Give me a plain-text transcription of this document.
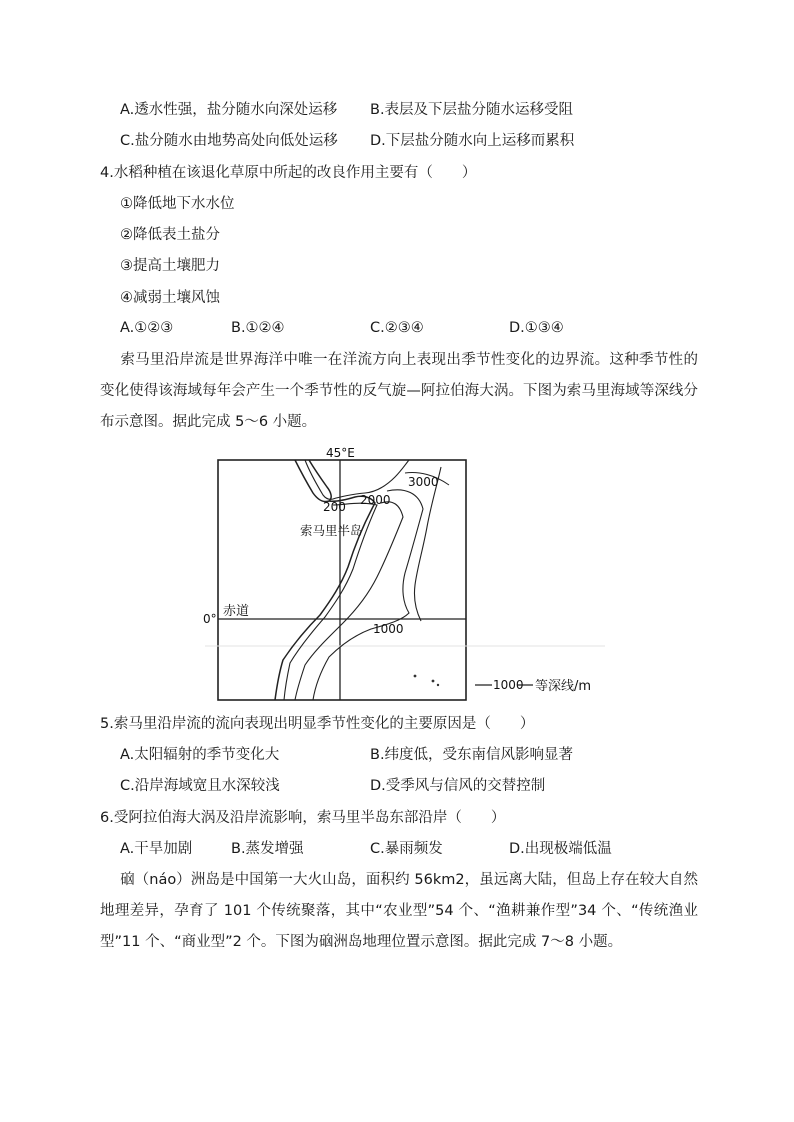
A.透水性强，盐分随水向深处运移 B.表层及下层盐分随水运移受阻
C.盐分随水由地势高处向低处运移 D.下层盐分随水向上运移而累积
4.水稻种植在该退化草原中所起的改良作用主要有（　　）
①降低地下水水位
②降低表土盐分
③提高土壤肥力
④减弱土壤风蚀
A.①②③	B.①②④	C.②③④	D.①③④
索马里沿岸流是世界海洋中唯一在洋流方向上表现出季节性变化的边界流。这种季节性的变化使得该海域每年会产生一个季节性的反气旋—阿拉伯海大涡。下图为索马里海域等深线分布示意图。据此完成 5～6 小题。
45°E
0° 赤道
索马里半岛
3000
2000
200
1000
1000 等深线/m
5.索马里沿岸流的流向表现出明显季节性变化的主要原因是（　　）
A.太阳辐射的季节变化大	B.纬度低，受东南信风影响显著
C.沿岸海域宽且水深较浅	D.受季风与信风的交替控制
6.受阿拉伯海大涡及沿岸流影响，索马里半岛东部沿岸（　　）
A.干旱加剧	B.蒸发增强	C.暴雨频发	D.出现极端低温
硇（náo）洲岛是中国第一大火山岛，面积约 56km2，虽远离大陆，但岛上存在较大自然地理差异，孕育了 101 个传统聚落，其中“农业型”54 个、“渔耕兼作型”34 个、“传统渔业型”11 个、“商业型”2 个。下图为硇洲岛地理位置示意图。据此完成 7～8 小题。
